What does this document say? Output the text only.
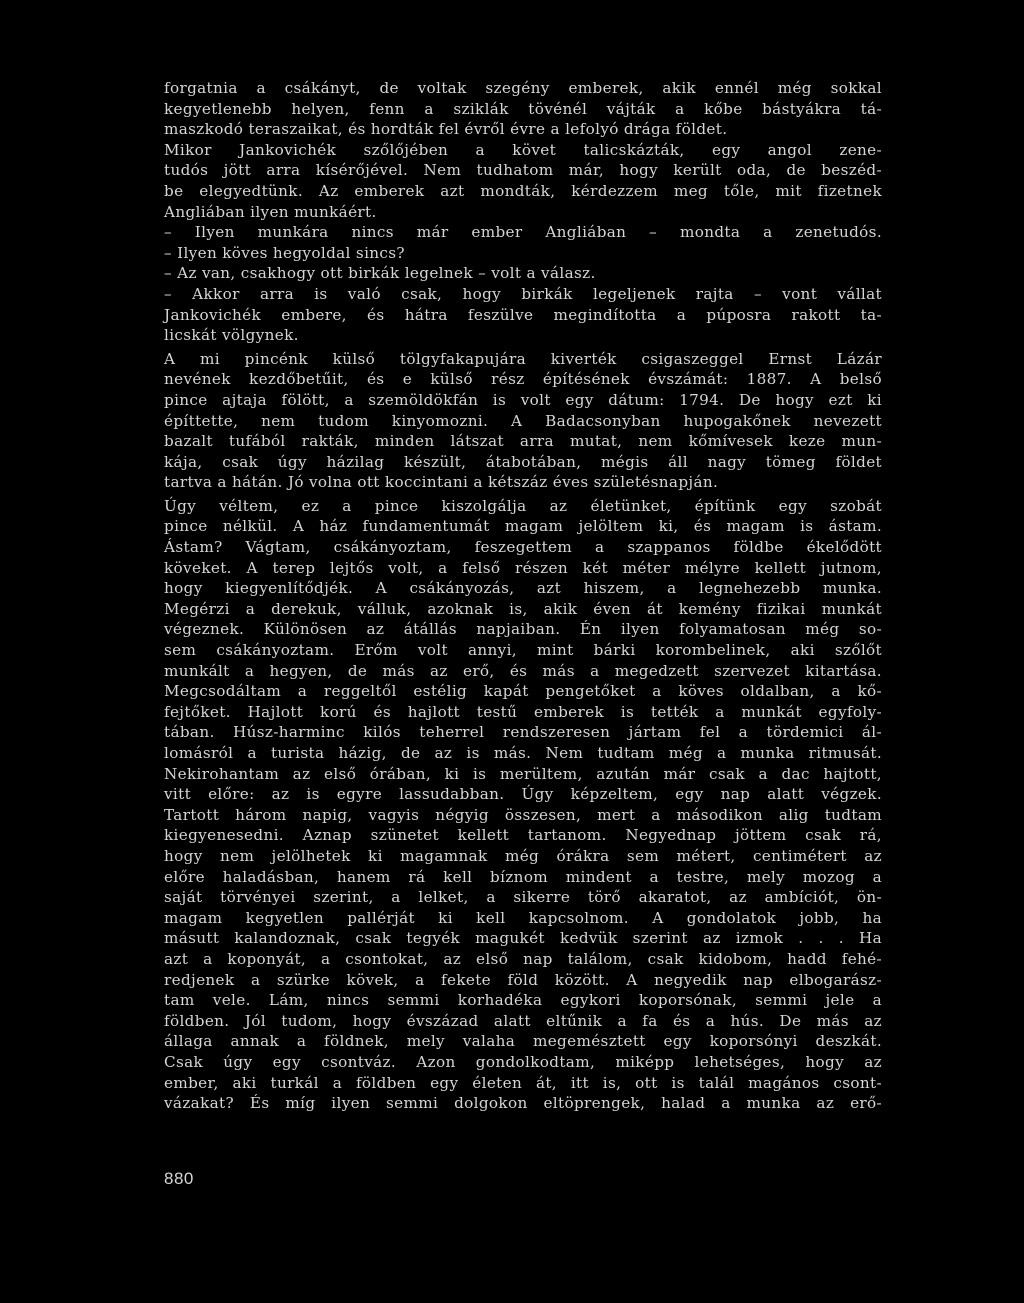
forgatnia a csákányt, de voltak szegény emberek, akik ennél még sokkal
kegyetlenebb helyen, fenn a sziklák tövénél vájták a kőbe bástyákra tá-
maszkodó teraszaikat, és hordták fel évről évre a lefolyó drága földet.
Mikor Jankovichék szőlőjében a követ talicskázták, egy angol zene-
tudós jött arra kísérőjével. Nem tudhatom már, hogy került oda, de beszéd-
be elegyedtünk. Az emberek azt mondták, kérdezzem meg tőle, mit fizetnek
Angliában ilyen munkáért.
– Ilyen munkára nincs már ember Angliában – mondta a zenetudós.
– Ilyen köves hegyoldal sincs?
– Az van, csakhogy ott birkák legelnek – volt a válasz.
– Akkor arra is való csak, hogy birkák legeljenek rajta – vont vállat
Jankovichék embere, és hátra feszülve megindította a púposra rakott ta-
licskát völgynek.
A mi pincénk külső tölgyfakapujára kiverték csigaszeggel Ernst Lázár
nevének kezdőbetűit, és e külső rész építésének évszámát: 1887. A belső
pince ajtaja fölött, a szemöldökfán is volt egy dátum: 1794. De hogy ezt ki
építtette, nem tudom kinyomozni. A Badacsonyban hupogakőnek nevezett
bazalt tufából rakták, minden látszat arra mutat, nem kőmívesek keze mun-
kája, csak úgy házilag készült, átabotában, mégis áll nagy tömeg földet
tartva a hátán. Jó volna ott koccintani a kétszáz éves születésnapján.
Úgy véltem, ez a pince kiszolgálja az életünket, építünk egy szobát
pince nélkül. A ház fundamentumát magam jelöltem ki, és magam is ástam.
Ástam? Vágtam, csákányoztam, feszegettem a szappanos földbe ékelődött
köveket. A terep lejtős volt, a felső részen két méter mélyre kellett jutnom,
hogy kiegyenlítődjék. A csákányozás, azt hiszem, a legnehezebb munka.
Megérzi a derekuk, válluk, azoknak is, akik éven át kemény fizikai munkát
végeznek. Különösen az átállás napjaiban. Én ilyen folyamatosan még so-
sem csákányoztam. Erőm volt annyi, mint bárki korombelinek, aki szőlőt
munkált a hegyen, de más az erő, és más a megedzett szervezet kitartása.
Megcsodáltam a reggeltől estélig kapát pengetőket a köves oldalban, a kő-
fejtőket. Hajlott korú és hajlott testű emberek is tették a munkát egyfoly-
tában. Húsz-harminc kilós teherrel rendszeresen jártam fel a tördemici ál-
lomásról a turista házig, de az is más. Nem tudtam még a munka ritmusát.
Nekirohantam az első órában, ki is merültem, azután már csak a dac hajtott,
vitt előre: az is egyre lassudabban. Úgy képzeltem, egy nap alatt végzek.
Tartott három napig, vagyis négyig összesen, mert a másodikon alig tudtam
kiegyenesedni. Aznap szünetet kellett tartanom. Negyednap jöttem csak rá,
hogy nem jelölhetek ki magamnak még órákra sem métert, centimétert az
előre haladásban, hanem rá kell bíznom mindent a testre, mely mozog a
saját törvényei szerint, a lelket, a sikerre törő akaratot, az ambíciót, ön-
magam kegyetlen pallérját ki kell kapcsolnom. A gondolatok jobb, ha
másutt kalandoznak, csak tegyék magukét kedvük szerint az izmok . . . Ha
azt a koponyát, a csontokat, az első nap találom, csak kidobom, hadd fehé-
redjenek a szürke kövek, a fekete föld között. A negyedik nap elbogarász-
tam vele. Lám, nincs semmi korhadéka egykori koporsónak, semmi jele a
földben. Jól tudom, hogy évszázad alatt eltűnik a fa és a hús. De más az
állaga annak a földnek, mely valaha megemésztett egy koporsónyi deszkát.
Csak úgy egy csontváz. Azon gondolkodtam, miképp lehetséges, hogy az
ember, aki turkál a földben egy életen át, itt is, ott is talál magános csont-
vázakat? És míg ilyen semmi dolgokon eltöprengek, halad a munka az erő-
880
